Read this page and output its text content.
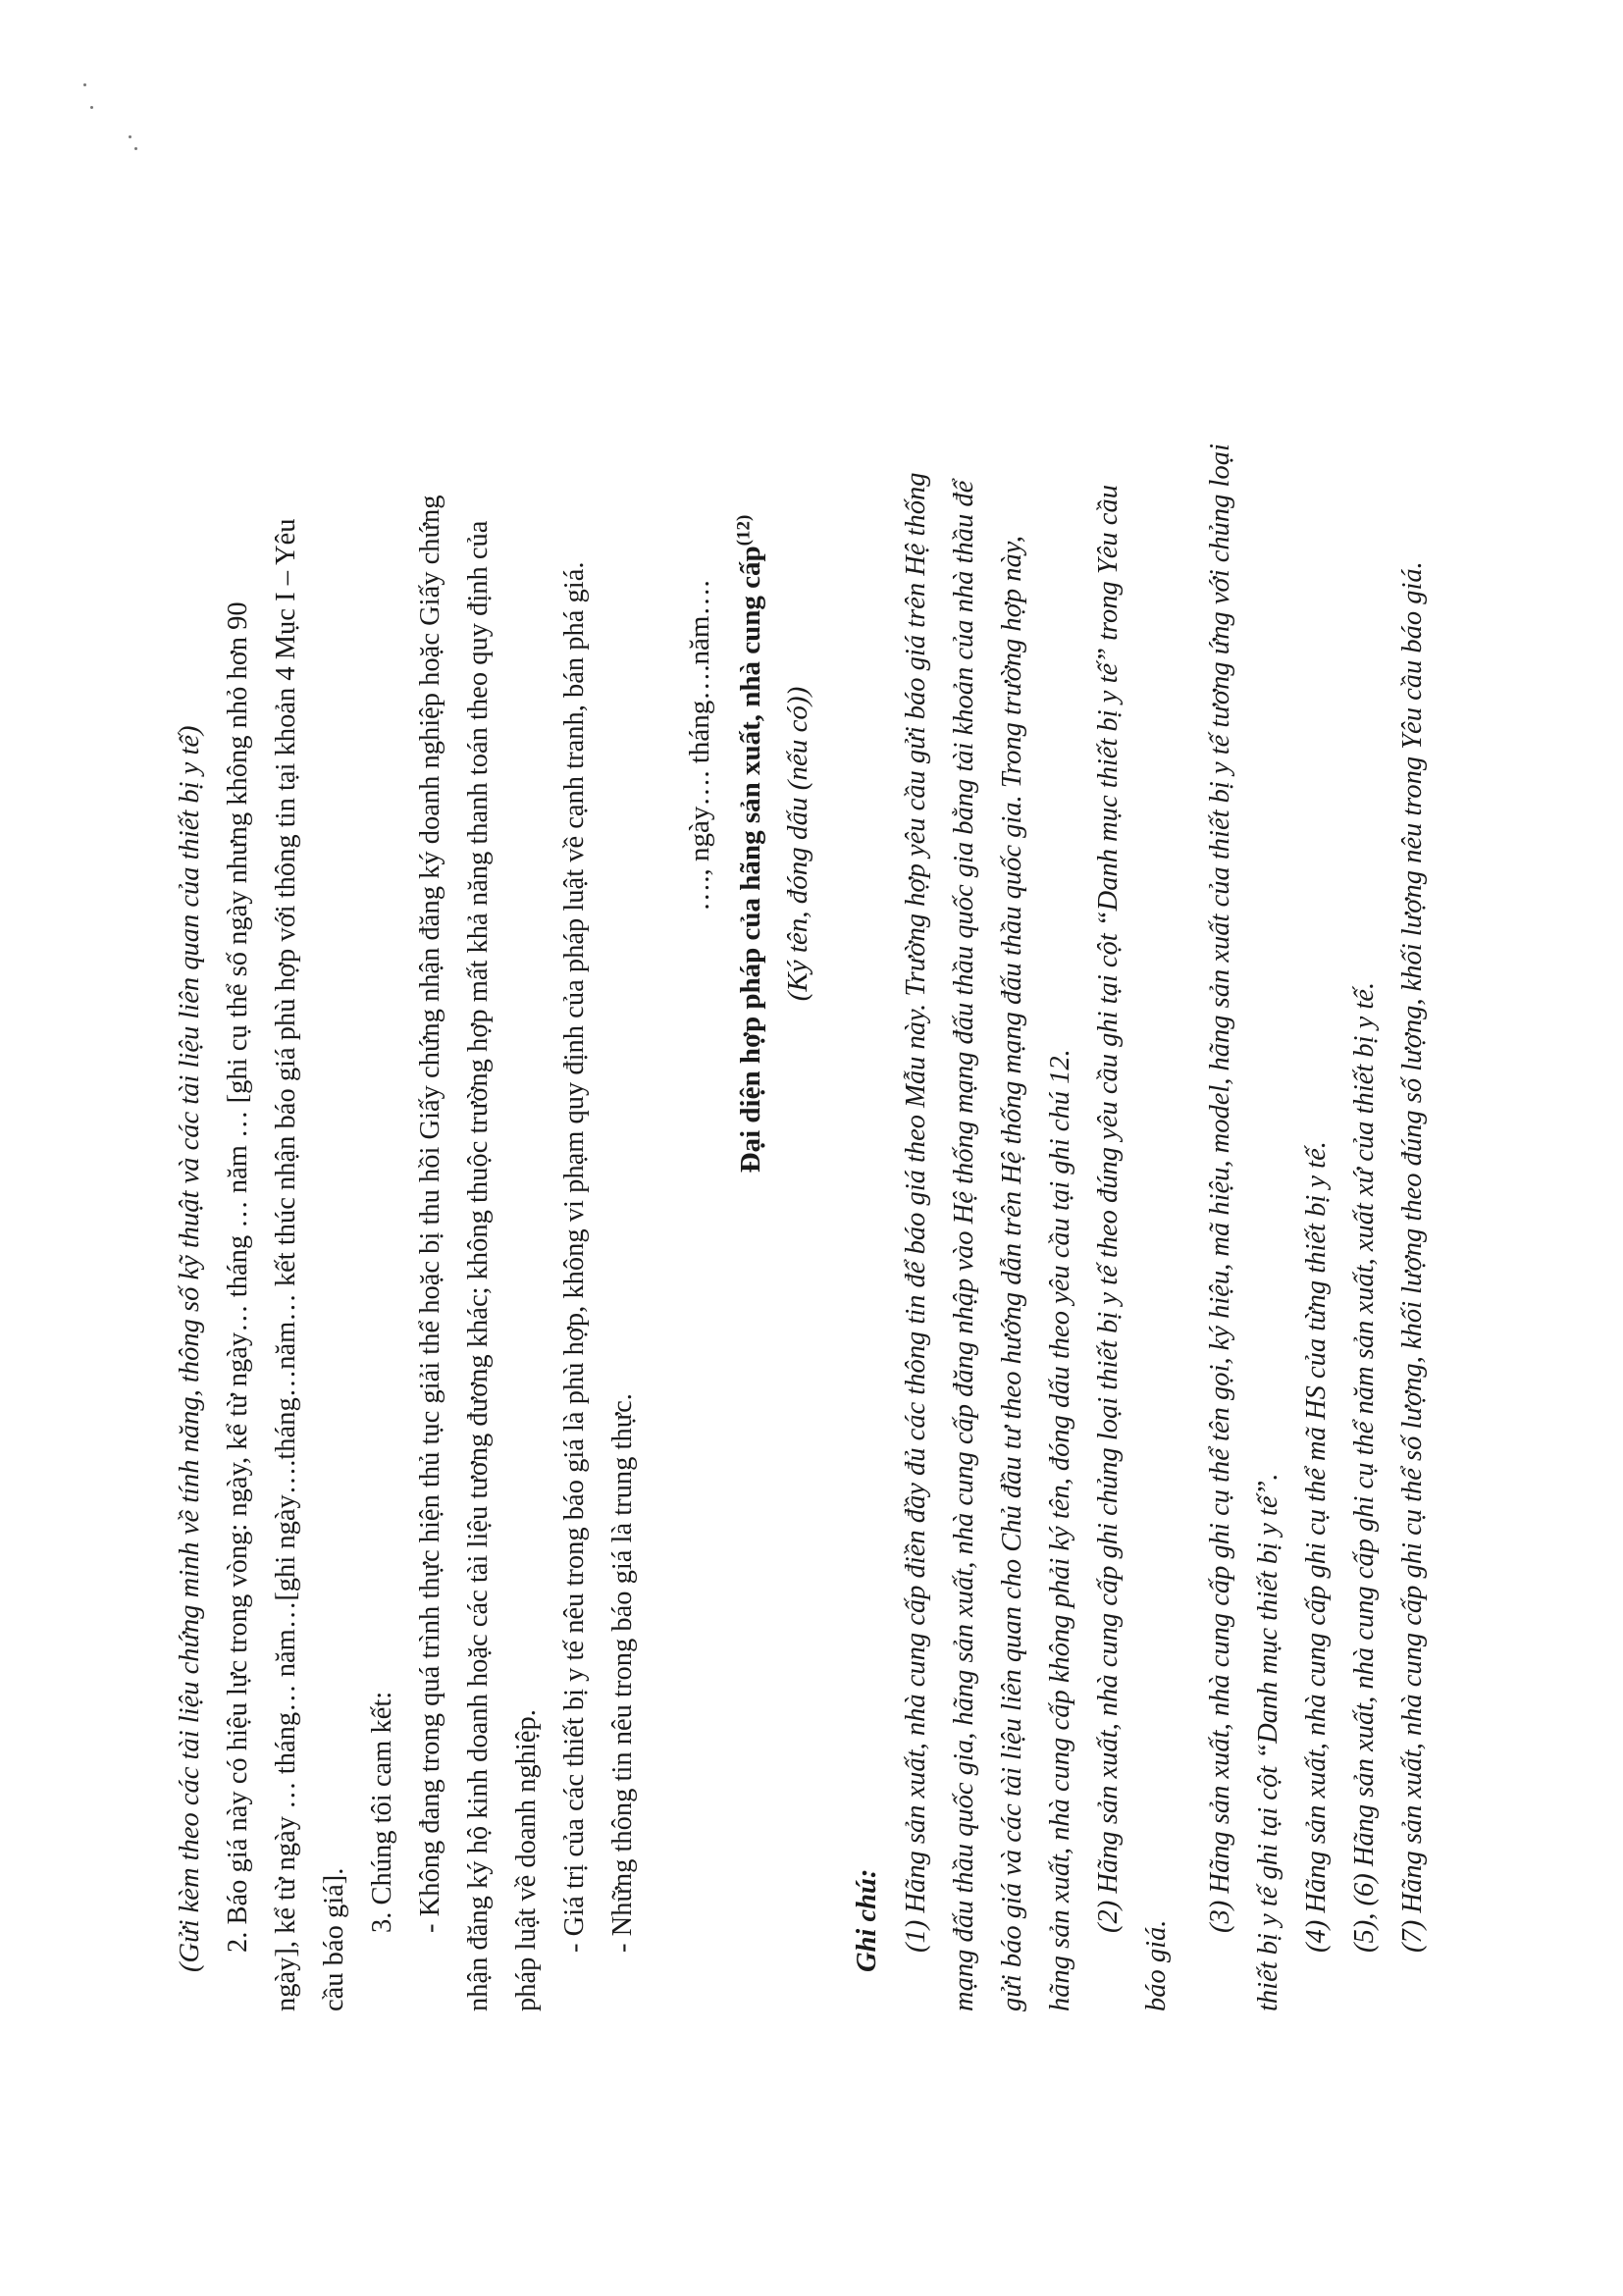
(Gửi kèm theo các tài liệu chứng minh về tính năng, thông số kỹ thuật và các tài liệu liên quan của thiết bị y tế) 2. Báo giá này có hiệu lực trong vòng: ngày, kể từ ngày… tháng … năm … [ghi cụ thể số ngày nhưng không nhỏ hơn 90 ngày], kể từ ngày … tháng… năm…[ghi ngày….tháng…năm… kết thúc nhận báo giá phù hợp với thông tin tại khoản 4 Mục I – Yêu cầu báo giá].
3. Chúng tôi cam kết: - Không đang trong quá trình thực hiện thủ tục giải thể hoặc bị thu hồi Giấy chứng nhận đăng ký doanh nghiệp hoặc Giấy chứng nhận đăng ký hộ kinh doanh hoặc các tài liệu tương đương khác; không thuộc trường hợp mất khả năng thanh toán theo quy định của pháp luật về doanh nghiệp. - Giá trị của các thiết bị y tế nêu trong báo giá là phù hợp, không vi phạm quy định của pháp luật về cạnh tranh, bán phá giá. - Những thông tin nêu trong báo giá là trung thực.
…., ngày…. tháng….năm…. Đại diện hợp pháp của hãng sản xuất, nhà cung cấp$^{(12)}$
(Ký tên, đóng dấu (nếu có))
Ghi chú: (1) Hãng sản xuất, nhà cung cấp điền đầy đủ các thông tin để báo giá theo Mẫu này. Trường hợp yêu cầu gửi báo giá trên Hệ thống mạng đấu thầu quốc gia, hãng sản xuất, nhà cung cấp đăng nhập vào Hệ thống mạng đấu thầu quốc gia bằng tài khoản của nhà thầu để gửi báo giá và các tài liệu liên quan cho Chủ đầu tư theo hướng dẫn trên Hệ thống mạng đấu thầu quốc gia. Trong trường hợp này, hãng sản xuất, nhà cung cấp không phải ký tên, đóng dấu theo yêu cầu tại ghi chú 12. (2) Hãng sản xuất, nhà cung cấp ghi chủng loại thiết bị y tế theo đúng yêu cầu ghi tại cột “Danh mục thiết bị y tế” trong Yêu cầu
báo giá.
(3) Hãng sản xuất, nhà cung cấp ghi cụ thể tên gọi, ký hiệu, mã hiệu, model, hãng sản xuất của thiết bị y tế tương ứng với chủng loại thiết bị y tế ghi tại cột “Danh mục thiết bị y tế”. (4) Hãng sản xuất, nhà cung cấp ghi cụ thể mã HS của từng thiết bị y tế. (5), (6) Hãng sản xuất, nhà cung cấp ghi cụ thể năm sản xuất, xuất xứ của thiết bị y tế. (7) Hãng sản xuất, nhà cung cấp ghi cụ thể số lượng, khối lượng theo đúng số lượng, khối lượng nêu trong Yêu cầu báo giá.
